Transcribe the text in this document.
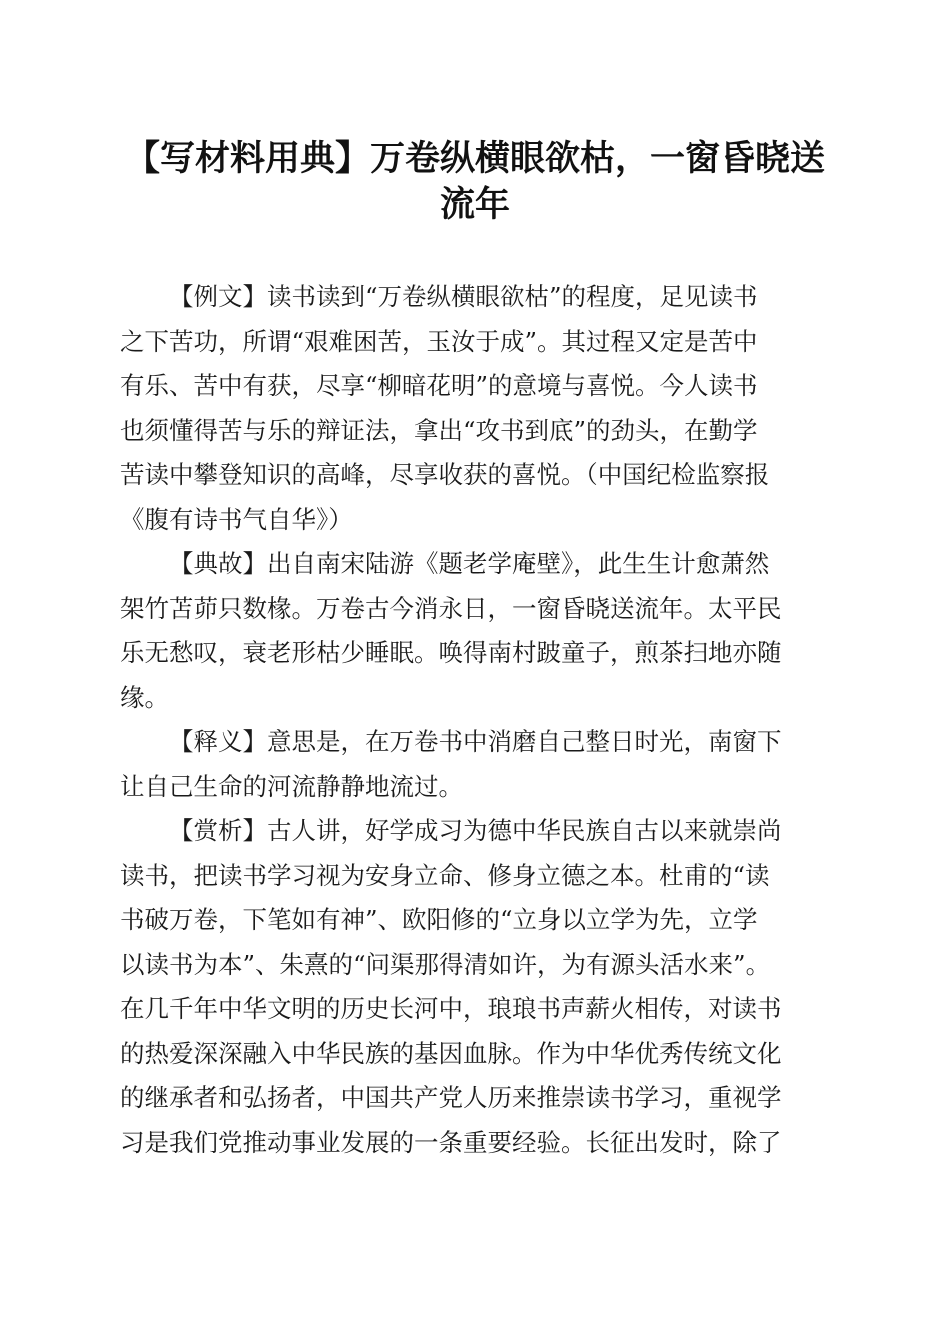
【写材料用典】万卷纵横眼欲枯，一窗昏晓送
流年
【例文】读书读到“万卷纵横眼欲枯”的程度，足见读书
之下苦功，所谓“艰难困苦，玉汝于成”。其过程又定是苦中
有乐、苦中有获，尽享“柳暗花明”的意境与喜悦。今人读书
也须懂得苦与乐的辩证法，拿出“攻书到底”的劲头，在勤学
苦读中攀登知识的高峰，尽享收获的喜悦。（中国纪检监察报
《腹有诗书气自华》）
【典故】出自南宋陆游《题老学庵壁》，此生生计愈萧然
架竹苫茆只数椽。万卷古今消永日，一窗昏晓送流年。太平民
乐无愁叹，衰老形枯少睡眠。唤得南村跛童子，煎茶扫地亦随
缘。
【释义】意思是，在万卷书中消磨自己整日时光，南窗下
让自己生命的河流静静地流过。
【赏析】古人讲，好学成习为德中华民族自古以来就崇尚
读书，把读书学习视为安身立命、修身立德之本。杜甫的“读
书破万卷，下笔如有神”、欧阳修的“立身以立学为先，立学
以读书为本”、朱熹的“问渠那得清如许，为有源头活水来”。
在几千年中华文明的历史长河中，琅琅书声薪火相传，对读书
的热爱深深融入中华民族的基因血脉。作为中华优秀传统文化
的继承者和弘扬者，中国共产党人历来推崇读书学习，重视学
习是我们党推动事业发展的一条重要经验。长征出发时，除了
